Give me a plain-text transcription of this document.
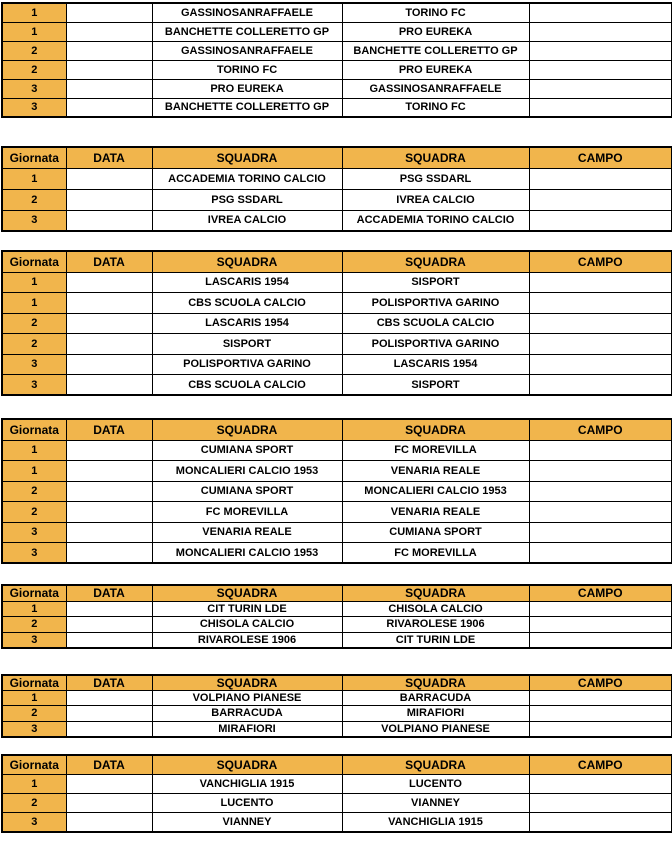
1		GASSINOSANRAFFAELE	TORINO FC	
1		BANCHETTE COLLERETTO GP	PRO EUREKA	
2		GASSINOSANRAFFAELE	BANCHETTE COLLERETTO GP	
2		TORINO FC	PRO EUREKA	
3		PRO EUREKA	GASSINOSANRAFFAELE	
3		BANCHETTE COLLERETTO GP	TORINO FC	
Giornata	DATA	SQUADRA	SQUADRA	CAMPO
1		ACCADEMIA TORINO CALCIO	PSG SSDARL	
2		PSG SSDARL	IVREA CALCIO	
3		IVREA CALCIO	ACCADEMIA TORINO CALCIO	
Giornata	DATA	SQUADRA	SQUADRA	CAMPO
1		LASCARIS 1954	SISPORT	
1		CBS SCUOLA CALCIO	POLISPORTIVA GARINO	
2		LASCARIS 1954	CBS SCUOLA CALCIO	
2		SISPORT	POLISPORTIVA GARINO	
3		POLISPORTIVA GARINO	LASCARIS 1954	
3		CBS SCUOLA CALCIO	SISPORT	
Giornata	DATA	SQUADRA	SQUADRA	CAMPO
1		CUMIANA SPORT	FC MOREVILLA	
1		MONCALIERI CALCIO 1953	VENARIA REALE	
2		CUMIANA SPORT	MONCALIERI CALCIO 1953	
2		FC MOREVILLA	VENARIA REALE	
3		VENARIA REALE	CUMIANA SPORT	
3		MONCALIERI CALCIO 1953	FC MOREVILLA	
Giornata	DATA	SQUADRA	SQUADRA	CAMPO
1		CIT TURIN LDE	CHISOLA CALCIO	
2		CHISOLA CALCIO	RIVAROLESE 1906	
3		RIVAROLESE 1906	CIT TURIN LDE	
Giornata	DATA	SQUADRA	SQUADRA	CAMPO
1		VOLPIANO PIANESE	BARRACUDA	
2		BARRACUDA	MIRAFIORI	
3		MIRAFIORI	VOLPIANO PIANESE	
Giornata	DATA	SQUADRA	SQUADRA	CAMPO
1		VANCHIGLIA 1915	LUCENTO	
2		LUCENTO	VIANNEY	
3		VIANNEY	VANCHIGLIA 1915	
